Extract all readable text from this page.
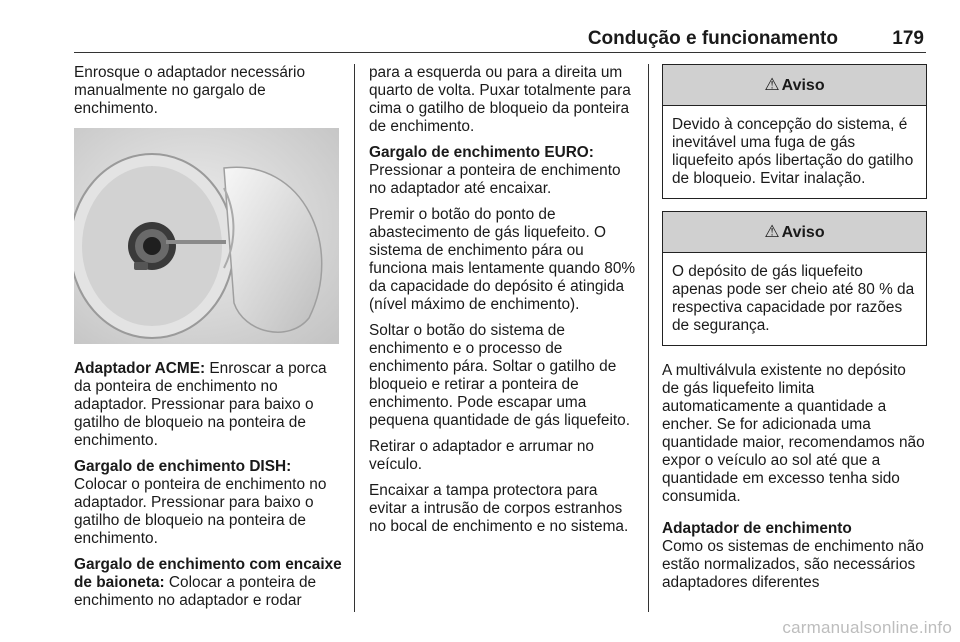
Condução e funcionamento	179

Enrosque o adaptador necessário manualmente no gargalo de enchimento.

Adaptador ACME: Enroscar a porca da ponteira de enchimento no adaptador. Pressionar para baixo o gatilho de bloqueio na ponteira de enchimento.

Gargalo de enchimento DISH:
Colocar o ponteira de enchimento no adaptador. Pressionar para baixo o gatilho de bloqueio na ponteira de enchimento.

Gargalo de enchimento com encaixe de baioneta: Colocar a ponteira de enchimento no adaptador e rodar

para a esquerda ou para a direita um quarto de volta. Puxar totalmente para cima o gatilho de bloqueio da ponteira de enchimento.

Gargalo de enchimento EURO:
Pressionar a ponteira de enchimento no adaptador até encaixar.

Premir o botão do ponto de abastecimento de gás liquefeito. O sistema de enchimento pára ou funciona mais lentamente quando 80% da capacidade do depósito é atingida (nível máximo de enchimento).

Soltar o botão do sistema de enchimento e o processo de enchimento pára. Soltar o gatilho de bloqueio e retirar a ponteira de enchimento. Pode escapar uma pequena quantidade de gás liquefeito.

Retirar o adaptador e arrumar no veículo.

Encaixar a tampa protectora para evitar a intrusão de corpos estranhos no bocal de enchimento e no sistema.

⚠ Aviso
Devido à concepção do sistema, é inevitável uma fuga de gás liquefeito após libertação do gatilho de bloqueio. Evitar inalação.
⚠ Aviso
O depósito de gás liquefeito apenas pode ser cheio até 80 % da respectiva capacidade por razões de segurança.

A multiválvula existente no depósito de gás liquefeito limita automaticamente a quantidade a encher. Se for adicionada uma quantidade maior, recomendamos não expor o veículo ao sol até que a quantidade em excesso tenha sido consumida.

Adaptador de enchimento
Como os sistemas de enchimento não estão normalizados, são necessários adaptadores diferentes

carmanualsonline.info
